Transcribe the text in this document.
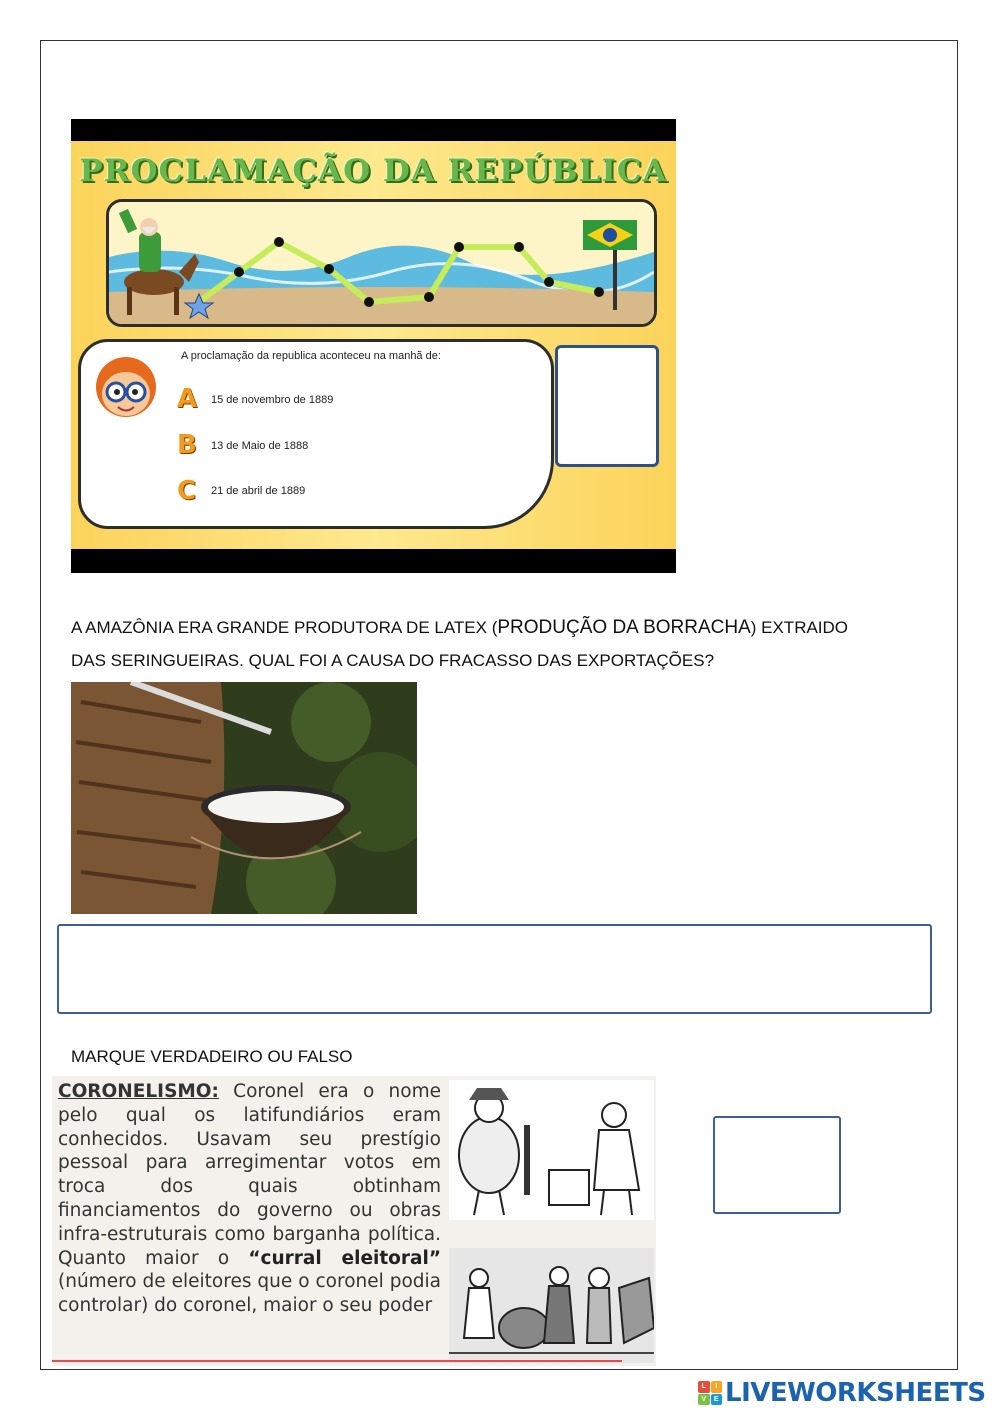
PROCLAMAÇÃO DA REPÚBLICA
A proclamação da republica aconteceu na manhã de:
A 15 de novembro de 1889
B 13 de Maio de 1888
C 21 de abril de 1889
A AMAZÔNIA ERA GRANDE PRODUTORA DE LATEX (PRODUÇÃO DA BORRACHA) EXTRAIDO
DAS SERINGUEIRAS. QUAL FOI A CAUSA DO FRACASSO DAS EXPORTAÇÕES?
MARQUE VERDADEIRO OU FALSO
CORONELISMO: Coronel era o nome pelo qual os latifundiários eram conhecidos. Usavam seu prestígio pessoal para arregimentar votos em troca dos quais obtinham financiamentos do governo ou obras infra-estruturais como barganha política. Quanto maior o “curral eleitoral” (número de eleitores que o coronel podia controlar) do coronel, maior o seu poder
L	I
V	E LIVEWORKSHEETS
